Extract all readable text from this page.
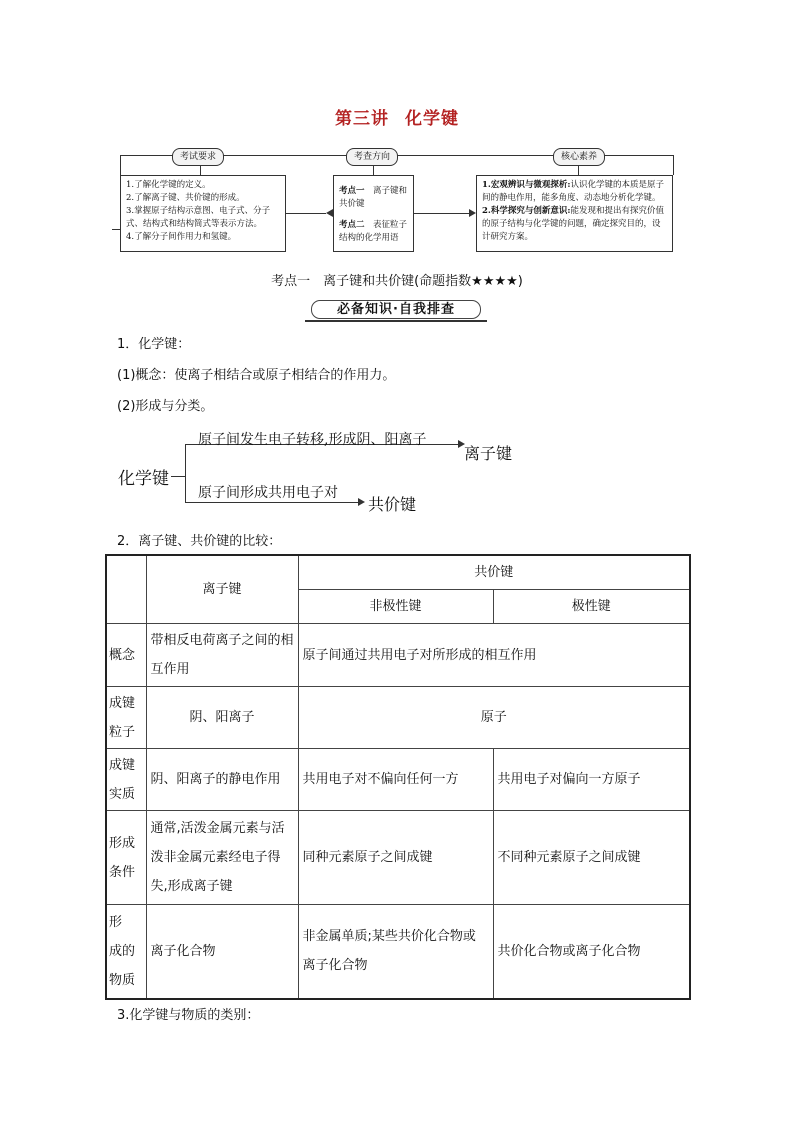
第三讲 化学键
考试要求	考查方向	核心素养
1.了解化学键的定义。
2.了解离子键、共价键的形成。
3.掌握原子结构示意图、电子式、分子式、结构式和结构简式等表示方法。
4.了解分子间作用力和氢键。
考点一　 离子键和共价键
考点二　 表征粒子结构的化学用语
1.宏观辨识与微观探析:认识化学键的本质是原子间的静电作用，能多角度、动态地分析化学键。
2.科学探究与创新意识:能发现和提出有探究价值的原子结构与化学键的问题，确定探究目的，设计研究方案。
考点一　离子键和共价键(命题指数★★★★)
必备知识·自我排查
1．化学键：
(1)概念：使离子相结合或原子相结合的作用力。
(2)形成与分类。
化学键
原子间发生电子转移,形成阴、阳离子
离子键
原子间形成共用电子对
共价键
2．离子键、共价键的比较：
	离子键	共价键	
		非极性键	极性键
概念	带相反电荷离子之间的相互作用	原子间通过共用电子对所形成的相互作用	
成键粒子	阴、阳离子	原子	
成键实质	阴、阳离子的静电作用	共用电子对不偏向任何一方	共用电子对偏向一方原子
形成条件	通常,活泼金属元素与活泼非金属元素经电子得失,形成离子键	同种元素原子之间成键	不同种元素原子之间成键
形　成的物质	离子化合物	非金属单质;某些共价化合物或离子化合物	共价化合物或离子化合物
3.化学键与物质的类别：
